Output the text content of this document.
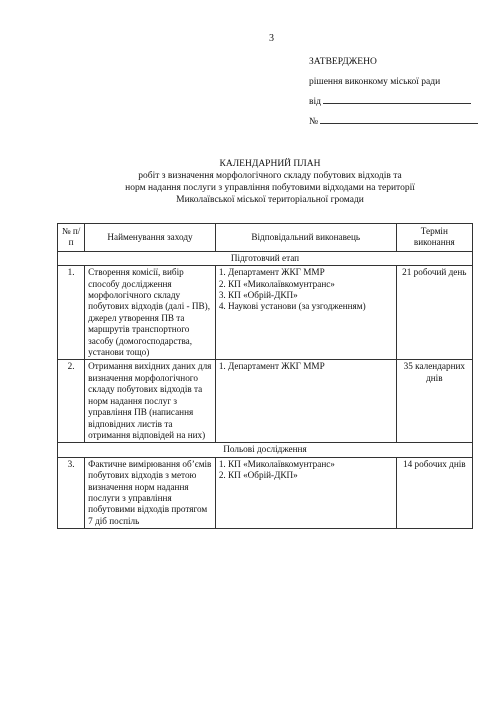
3
ЗАТВЕРДЖЕНО
рішення виконкому міської ради
від
№
КАЛЕНДАРНИЙ ПЛАН
робіт з визначення морфологічного складу побутових відходів та
норм надання послуги з управління побутовими відходами на території
Миколаївської міської територіальної громади
№ п/п	Найменування заходу	Відповідальний виконавець	Термін виконання
Підготовчий етап			
1.	Створення комісії, вибір способу дослідження морфологічного складу побутових відходів (далі - ПВ), джерел утворення ПВ та маршрутів транспортного засобу (домогосподарства, установи тощо)	1. Департамент ЖКГ ММР
2. КП «Миколаївкомунтранс»
3. КП «Обрій-ДКП»
4. Наукові установи (за узгодженням)	21 робочий день
2.	Отримання вихідних даних для визначення морфологічного складу побутових відходів та норм надання послуг з управління ПВ (написання відповідних листів та отримання відповідей на них)	1. Департамент ЖКГ ММР	35 календарних днів
Польові дослідження			
3.	Фактичне вимірювання об’ємів побутових відходів з метою визначення норм надання послуги з управління побутовими відходів протягом 7 діб поспіль	1. КП «Миколаївкомунтранс»
2. КП «Обрій-ДКП»	14 робочих днів
